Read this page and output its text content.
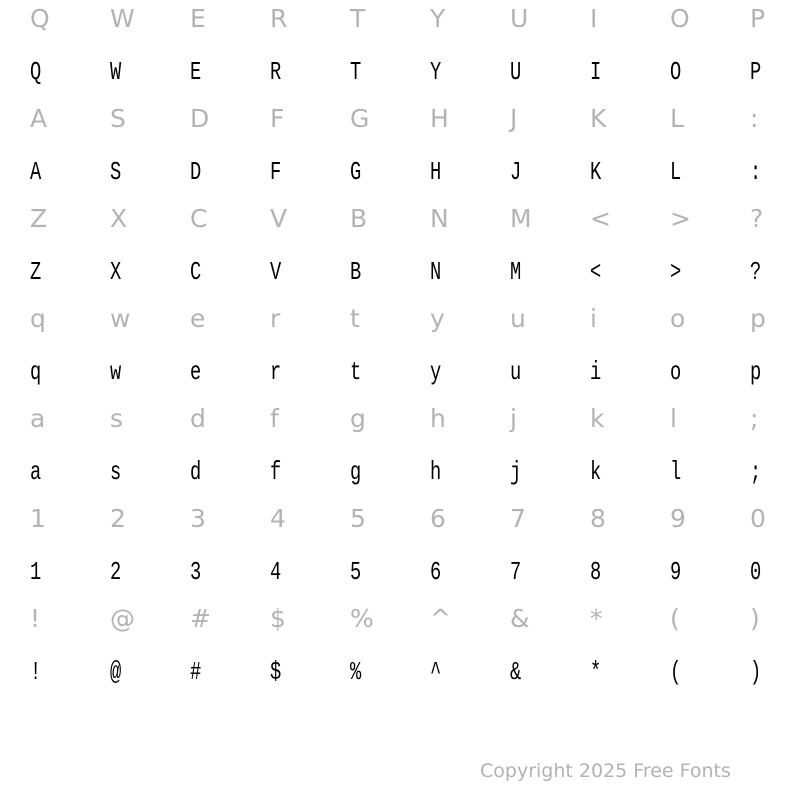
Q	W	E	R	T	Y	U	I	O	P
Q	W	E	R	T	Y	U	I	O	P
A	S	D	F	G	H	J	K	L	:
A	S	D	F	G	H	J	K	L	:
Z	X	C	V	B	N	M	<	>	?
Z	X	C	V	B	N	M	<	>	?
q	w	e	r	t	y	u	i	o	p
q	w	e	r	t	y	u	i	o	p
a	s	d	f	g	h	j	k	l	;
a	s	d	f	g	h	j	k	l	;
1	2	3	4	5	6	7	8	9	0
1	2	3	4	5	6	7	8	9	0
!	@	#	$	%	^	&	*	(	)
!	@	#	$	%	^	&	*	(	)
Copyright 2025 Free Fonts
